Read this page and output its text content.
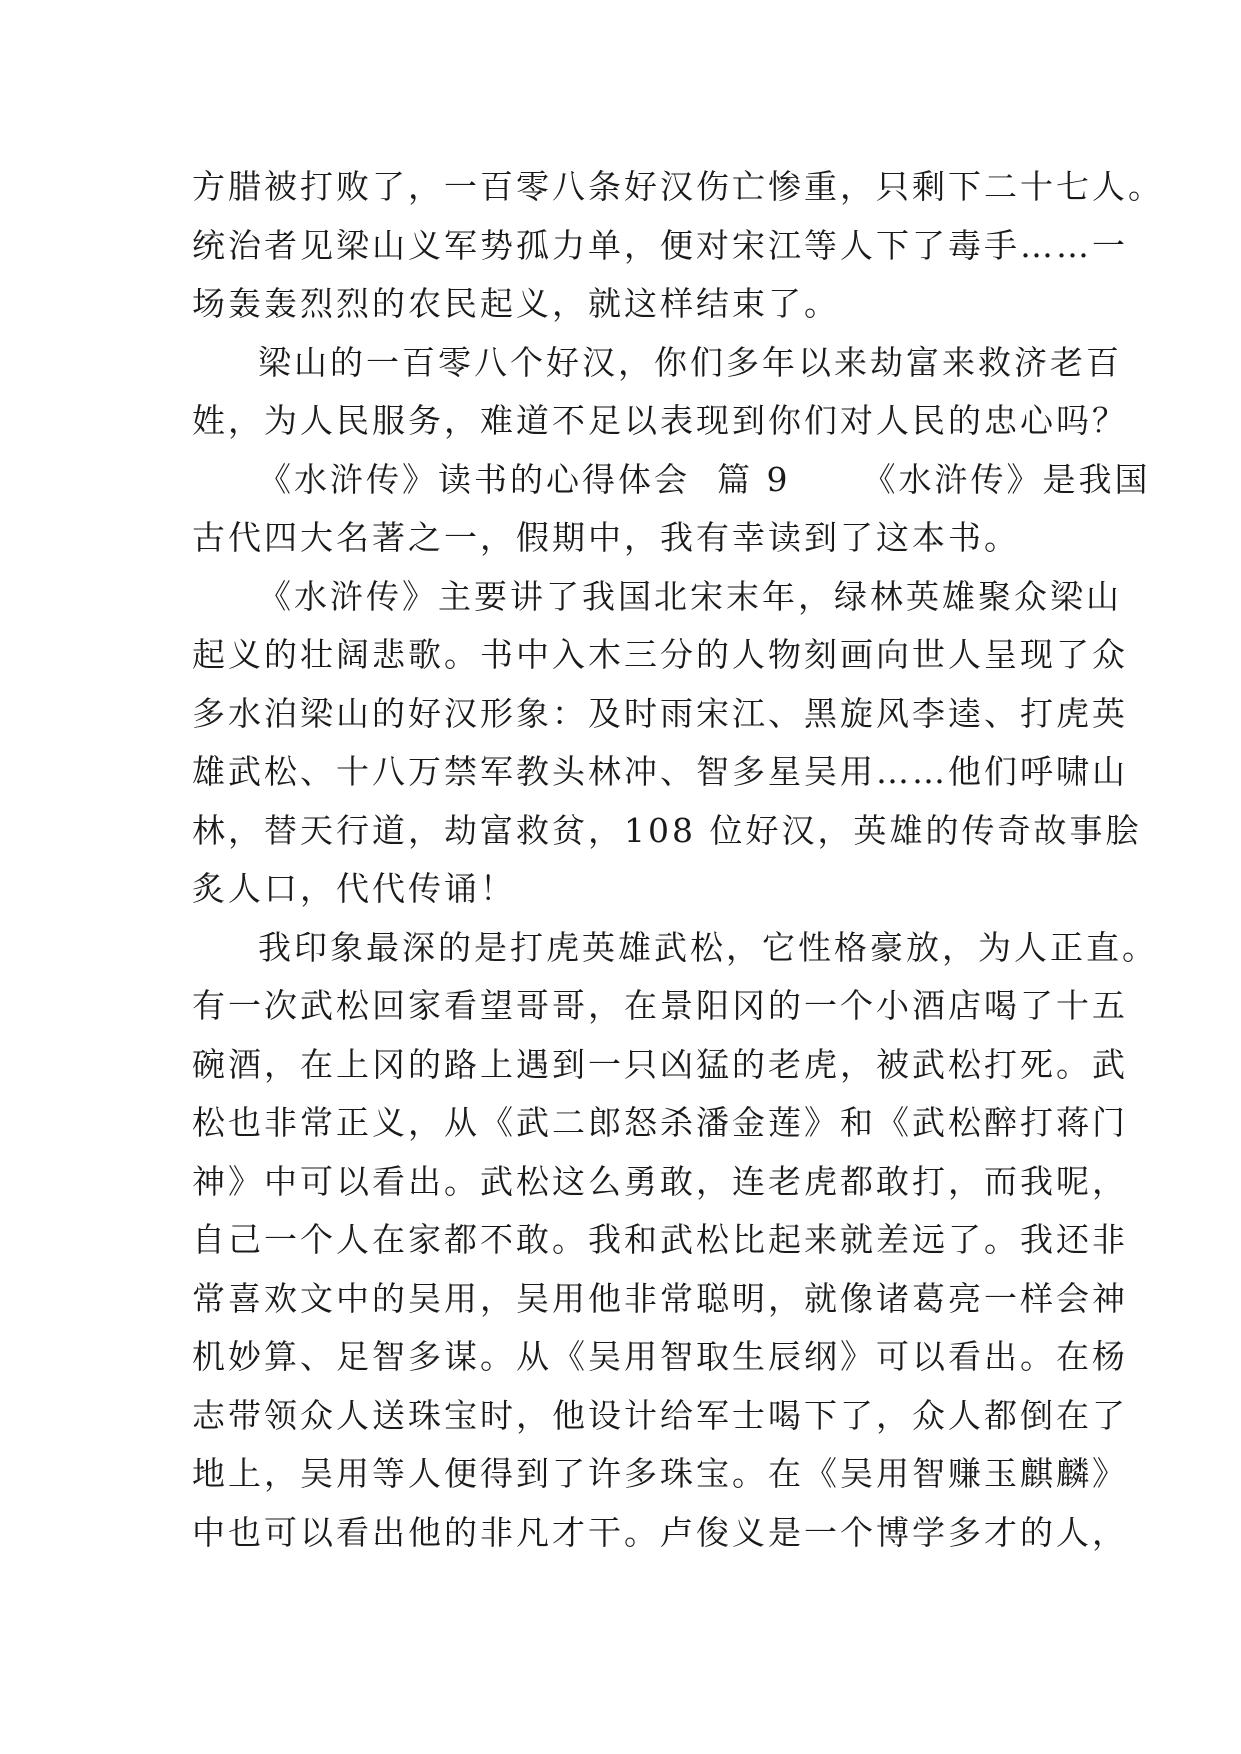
方腊被打败了，一百零八条好汉伤亡惨重，只剩下二十七人。
统治者见梁山义军势孤力单，便对宋江等人下了毒手……一
场轰轰烈烈的农民起义，就这样结束了。
梁山的一百零八个好汉，你们多年以来劫富来救济老百
姓，为人民服务，难道不足以表现到你们对人民的忠心吗？
《水浒传》读书的心得体会  篇 9 《水浒传》是我国
古代四大名著之一，假期中，我有幸读到了这本书。
《水浒传》主要讲了我国北宋末年，绿林英雄聚众梁山
起义的壮阔悲歌。书中入木三分的人物刻画向世人呈现了众
多水泊梁山的好汉形象：及时雨宋江、黑旋风李逵、打虎英
雄武松、十八万禁军教头林冲、智多星吴用……他们呼啸山
林，替天行道，劫富救贫，108 位好汉，英雄的传奇故事脍
炙人口，代代传诵！
我印象最深的是打虎英雄武松，它性格豪放，为人正直。
有一次武松回家看望哥哥，在景阳冈的一个小酒店喝了十五
碗酒，在上冈的路上遇到一只凶猛的老虎，被武松打死。武
松也非常正义，从《武二郎怒杀潘金莲》和《武松醉打蒋门
神》中可以看出。武松这么勇敢，连老虎都敢打，而我呢，
自己一个人在家都不敢。我和武松比起来就差远了。我还非
常喜欢文中的吴用，吴用他非常聪明，就像诸葛亮一样会神
机妙算、足智多谋。从《吴用智取生辰纲》可以看出。在杨
志带领众人送珠宝时，他设计给军士喝下了，众人都倒在了
地上，吴用等人便得到了许多珠宝。在《吴用智赚玉麒麟》
中也可以看出他的非凡才干。卢俊义是一个博学多才的人，
